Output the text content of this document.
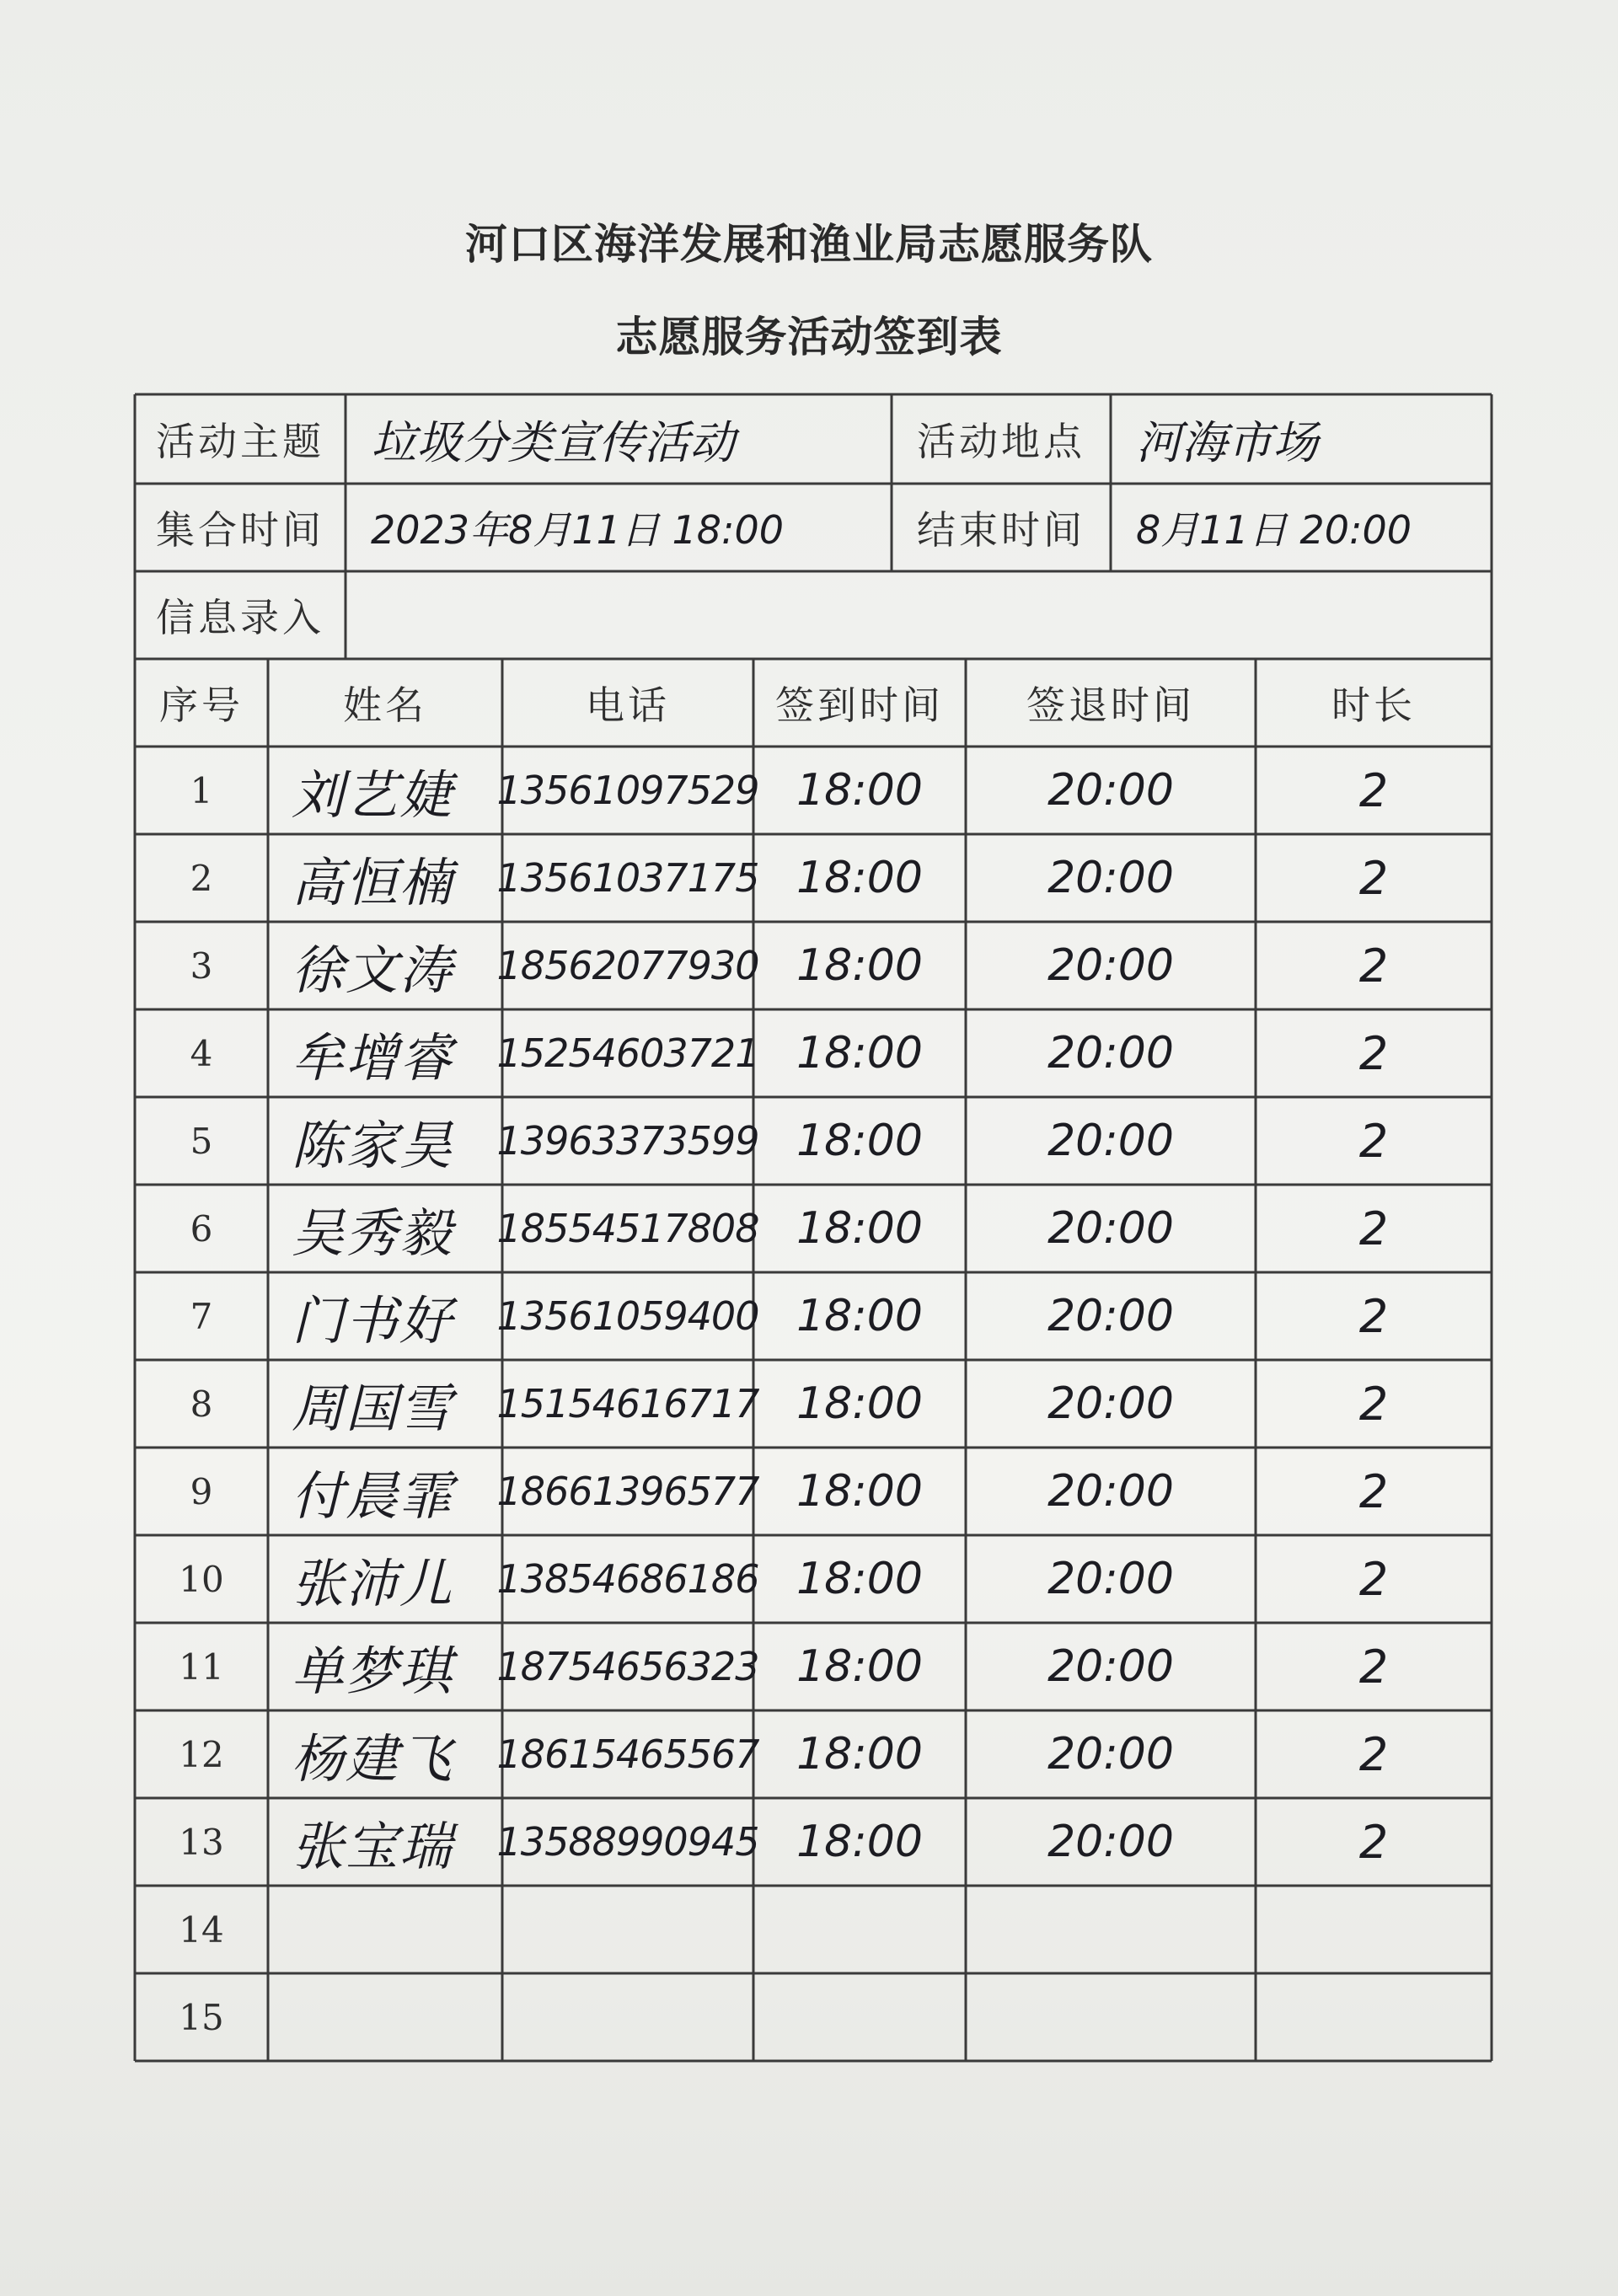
河口区海洋发展和渔业局志愿服务队
志愿服务活动签到表
活动主题	垃圾分类宣传活动	活动地点	河海市场
集合时间	2023年8月11日 18:00	结束时间	8月11日 20:00
信息录入
序号	姓名	电话	签到时间	签退时间	时长
1	刘艺婕	13561097529 18:00	20:00	2
2	高恒楠	13561037175 18:00	20:00	2
3	徐文涛	18562077930 18:00	20:00	2
4	牟增睿	15254603721 18:00	20:00	2
5	陈家昊	13963373599 18:00	20:00	2
6	吴秀毅	18554517808 18:00	20:00	2
7	门书好	13561059400 18:00	20:00	2
8	周国雪	15154616717 18:00	20:00	2
9	付晨霏	18661396577 18:00	20:00	2
10	张沛儿	13854686186 18:00	20:00	2
11	单梦琪	18754656323 18:00	20:00	2
12	杨建飞	18615465567 18:00	20:00	2
13	张宝瑞	13588990945 18:00	20:00	2
14
15
